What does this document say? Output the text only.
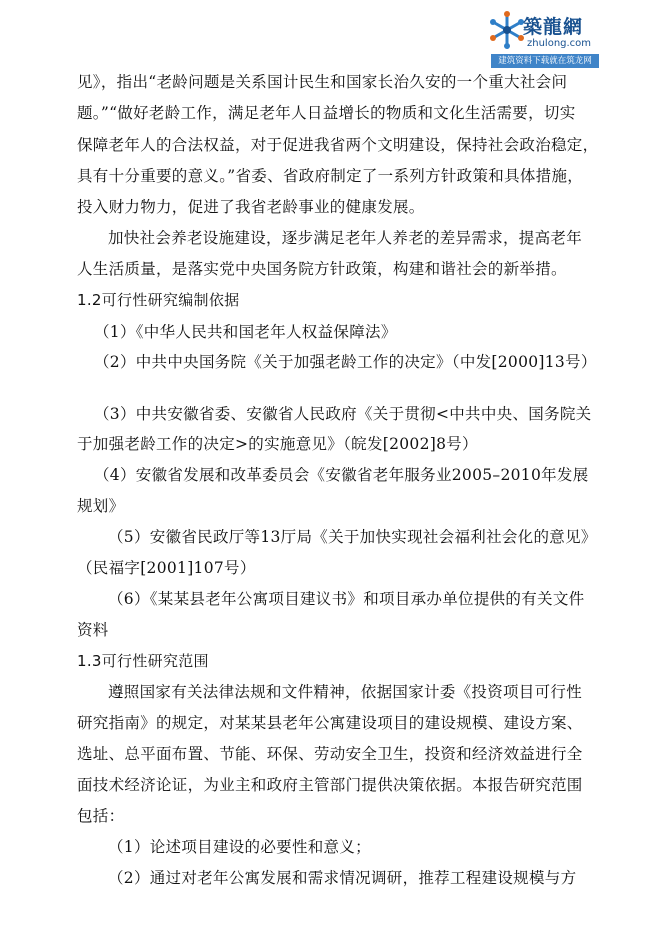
築龍網
zhulong.com
建筑资料下载就在筑龙网
见》，指出“老龄问题是关系国计民生和国家长治久安的一个重大社会问
题。”“做好老龄工作，满足老年人日益增长的物质和文化生活需要，切实
保障老年人的合法权益，对于促进我省两个文明建设，保持社会政治稳定，
具有十分重要的意义。”省委、省政府制定了一系列方针政策和具体措施，
投入财力物力，促进了我省老龄事业的健康发展。
加快社会养老设施建设，逐步满足老年人养老的差异需求，提高老年
人生活质量，是落实党中央国务院方针政策，构建和谐社会的新举措。
1.2可行性研究编制依据
（1）《中华人民共和国老年人权益保障法》
（2）中共中央国务院《关于加强老龄工作的决定》（中发[2000]13号）
（3）中共安徽省委、安徽省人民政府《关于贯彻<中共中央、国务院关
于加强老龄工作的决定>的实施意见》（皖发[2002]8号）
（4）安徽省发展和改革委员会《安徽省老年服务业2005–2010年发展
规划》
（5）安徽省民政厅等13厅局《关于加快实现社会福利社会化的意见》
（民福字[2001]107号）
（6）《某某县老年公寓项目建议书》和项目承办单位提供的有关文件
资料
1.3可行性研究范围
遵照国家有关法律法规和文件精神，依据国家计委《投资项目可行性
研究指南》的规定，对某某县老年公寓建设项目的建设规模、建设方案、
选址、总平面布置、节能、环保、劳动安全卫生，投资和经济效益进行全
面技术经济论证，为业主和政府主管部门提供决策依据。本报告研究范围
包括：
（1）论述项目建设的必要性和意义；
（2）通过对老年公寓发展和需求情况调研，推荐工程建设规模与方
